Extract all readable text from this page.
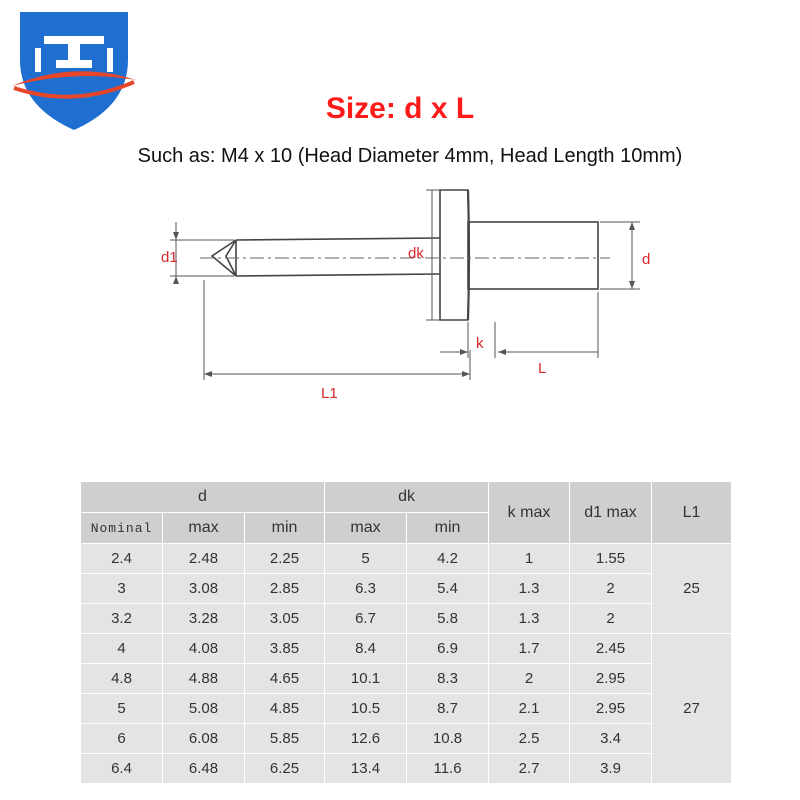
Size: d x L
Such as: M4 x 10 (Head Diameter 4mm, Head Length 10mm)
d1	dk	d
k
L
L1
d			dk		k max	d1 max	L1
Nominal	max	min	max	min			
2.4	2.48	2.25	5	4.2	1	1.55	25
3	3.08	2.85	6.3	5.4	1.3	2	
3.2	3.28	3.05	6.7	5.8	1.3	2	
4	4.08	3.85	8.4	6.9	1.7	2.45	27
4.8	4.88	4.65	10.1	8.3	2	2.95	
5	5.08	4.85	10.5	8.7	2.1	2.95	
6	6.08	5.85	12.6	10.8	2.5	3.4	
6.4	6.48	6.25	13.4	11.6	2.7	3.9	
